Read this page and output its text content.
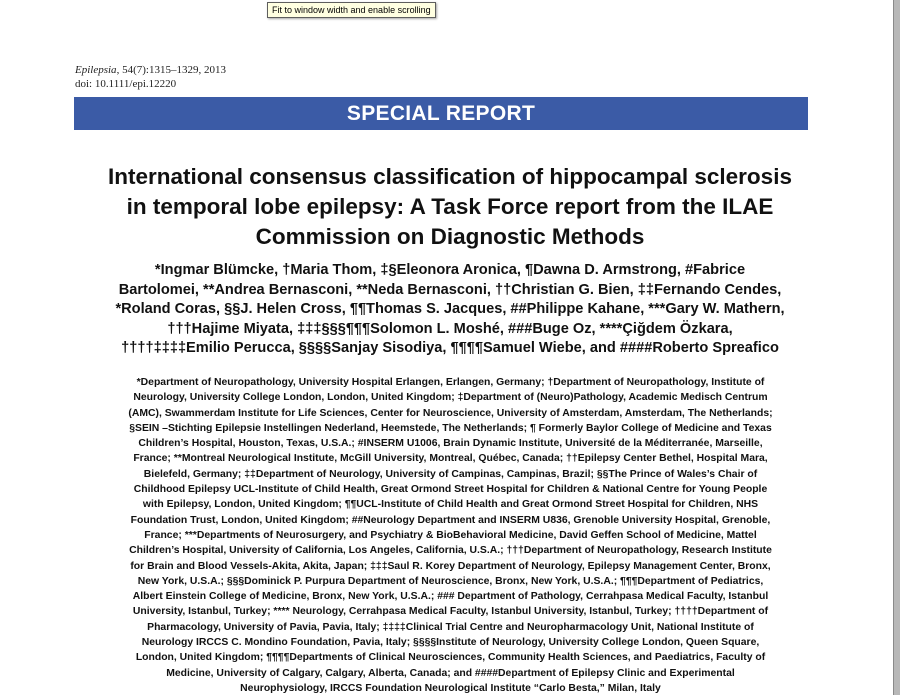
Epilepsia, 54(7):1315–1329, 2013
doi: 10.1111/epi.12220
SPECIAL REPORT
International consensus classification of hippocampal sclerosis
in temporal lobe epilepsy: A Task Force report from the ILAE
Commission on Diagnostic Methods
*Ingmar Blümcke, †Maria Thom, ‡§Eleonora Aronica, ¶Dawna D. Armstrong, #Fabrice
Bartolomei, **Andrea Bernasconi, **Neda Bernasconi, ††Christian G. Bien, ‡‡Fernando Cendes,
*Roland Coras, §§J. Helen Cross, ¶¶Thomas S. Jacques, ##Philippe Kahane, ***Gary W. Mathern,
†††Hajime Miyata, ‡‡‡§§§¶¶¶Solomon L. Moshé, ###Buge Oz, ****Çiğdem Özkara,
††††‡‡‡‡Emilio Perucca, §§§§Sanjay Sisodiya, ¶¶¶¶Samuel Wiebe, and ####Roberto Spreafico
*Department of Neuropathology, University Hospital Erlangen, Erlangen, Germany; †Department of Neuropathology, Institute of
Neurology, University College London, London, United Kingdom; ‡Department of (Neuro)Pathology, Academic Medisch Centrum
(AMC), Swammerdam Institute for Life Sciences, Center for Neuroscience, University of Amsterdam, Amsterdam, The Netherlands;
§SEIN –Stichting Epilepsie Instellingen Nederland, Heemstede, The Netherlands; ¶ Formerly Baylor College of Medicine and Texas
Children’s Hospital, Houston, Texas, U.S.A.; #INSERM U1006, Brain Dynamic Institute, Université de la Méditerranée, Marseille,
France; **Montreal Neurological Institute, McGill University, Montreal, Québec, Canada; ††Epilepsy Center Bethel, Hospital Mara,
Bielefeld, Germany; ‡‡Department of Neurology, University of Campinas, Campinas, Brazil; §§The Prince of Wales’s Chair of
Childhood Epilepsy UCL-Institute of Child Health, Great Ormond Street Hospital for Children & National Centre for Young People
with Epilepsy, London, United Kingdom; ¶¶UCL-Institute of Child Health and Great Ormond Street Hospital for Children, NHS
Foundation Trust, London, United Kingdom; ##Neurology Department and INSERM U836, Grenoble University Hospital, Grenoble,
France; ***Departments of Neurosurgery, and Psychiatry & BioBehavioral Medicine, David Geffen School of Medicine, Mattel
Children’s Hospital, University of California, Los Angeles, California, U.S.A.; †††Department of Neuropathology, Research Institute
for Brain and Blood Vessels-Akita, Akita, Japan; ‡‡‡Saul R. Korey Department of Neurology, Epilepsy Management Center, Bronx,
New York, U.S.A.; §§§Dominick P. Purpura Department of Neuroscience, Bronx, New York, U.S.A.; ¶¶¶Department of Pediatrics,
Albert Einstein College of Medicine, Bronx, New York, U.S.A.; ### Department of Pathology, Cerrahpasa Medical Faculty, Istanbul
University, Istanbul, Turkey; **** Neurology, Cerrahpasa Medical Faculty, Istanbul University, Istanbul, Turkey; ††††Department of
Pharmacology, University of Pavia, Pavia, Italy; ‡‡‡‡Clinical Trial Centre and Neuropharmacology Unit, National Institute of
Neurology IRCCS C. Mondino Foundation, Pavia, Italy; §§§§Institute of Neurology, University College London, Queen Square,
London, United Kingdom; ¶¶¶¶Departments of Clinical Neurosciences, Community Health Sciences, and Paediatrics, Faculty of
Medicine, University of Calgary, Calgary, Alberta, Canada; and ####Department of Epilepsy Clinic and Experimental
Neurophysiology, IRCCS Foundation Neurological Institute “Carlo Besta,” Milan, Italy
Fit to window width and enable scrolling
